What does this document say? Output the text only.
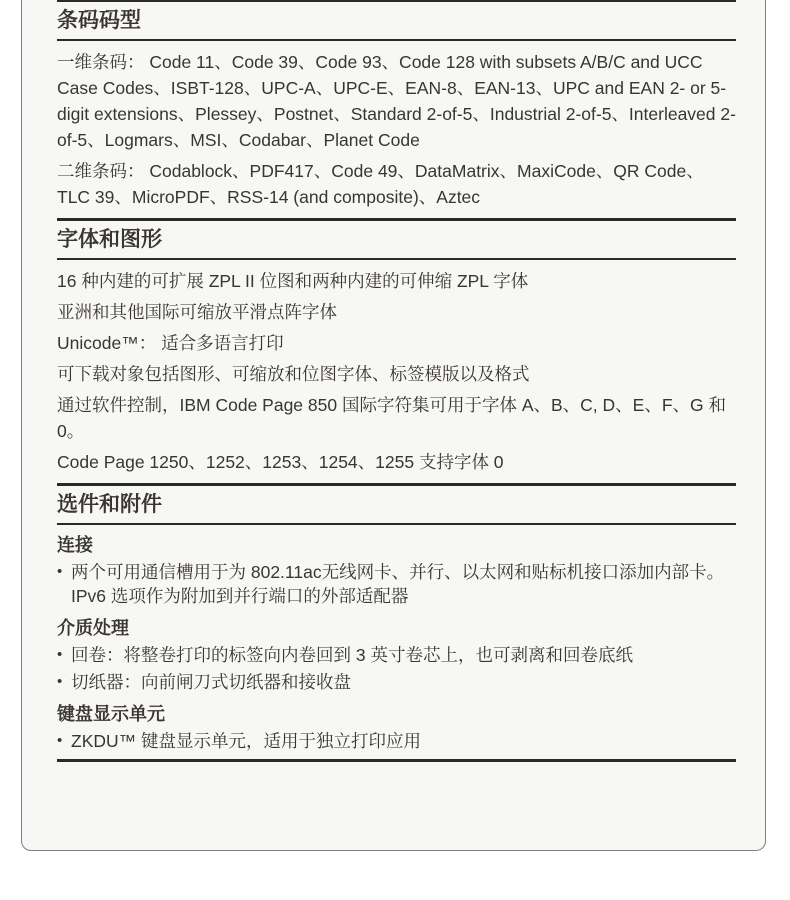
条码码型

一维条码： Code 11、Code 39、Code 93、Code 128 with subsets A/B/C and UCC Case Codes、ISBT-128、UPC-A、UPC-E、EAN-8、EAN-13、UPC and EAN 2- or 5-digit extensions、Plessey、Postnet、Standard 2-of-5、Industrial 2-of-5、Interleaved 2-of-5、Logmars、MSI、Codabar、Planet Code

二维条码： Codablock、PDF417、Code 49、DataMatrix、MaxiCode、QR Code、TLC 39、MicroPDF、RSS-14 (and composite)、Aztec

字体和图形

16 种内建的可扩展 ZPL II 位图和两种内建的可伸缩 ZPL 字体

亚洲和其他国际可缩放平滑点阵字体

Unicode™： 适合多语言打印

可下载对象包括图形、可缩放和位图字体、标签模版以及格式

通过软件控制，IBM Code Page 850 国际字符集可用于字体 A、B、C, D、E、F、G 和 0。

Code Page 1250、1252、1253、1254、1255 支持字体 0

选件和附件
连接
• 两个可用通信槽用于为 802.11ac无线网卡、并行、以太网和贴标机接口添加内部卡。IPv6 选项作为附加到并行端口的外部适配器
介质处理
• 回卷：将整卷打印的标签向内卷回到 3 英寸卷芯上，也可剥离和回卷底纸
• 切纸器：向前闸刀式切纸器和接收盘
键盘显示单元
• ZKDU™ 键盘显示单元，适用于独立打印应用
